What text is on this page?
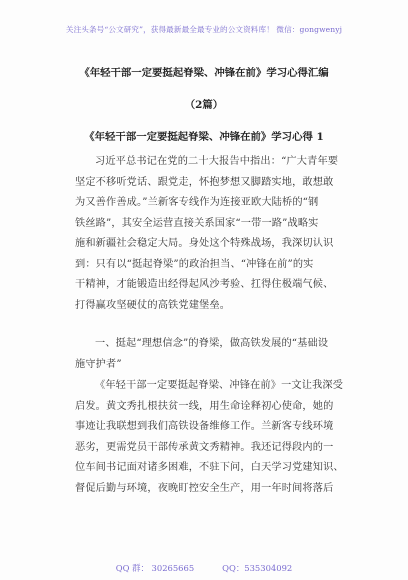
关注头条号“公文研究”，获得最新最全最专业的公文资料库！ 微信：gongwenyj
《年轻干部一定要挺起脊梁、冲锋在前》学习心得汇编
（2篇）
《年轻干部一定要挺起脊梁、冲锋在前》学习心得 1
习近平总书记在党的二十大报告中指出：“广大青年要
坚定不移听党话、跟党走，怀抱梦想又脚踏实地，敢想敢
为又善作善成。”兰新客专线作为连接亚欧大陆桥的“钢
铁丝路”，其安全运营直接关系国家“一带一路”战略实
施和新疆社会稳定大局。身处这个特殊战场，我深切认识
到：只有以“挺起脊梁”的政治担当、“冲锋在前”的实
干精神，才能锻造出经得起风沙考验、扛得住极端气候、
打得赢攻坚硬仗的高铁党建堡垒。
一、挺起“理想信念”的脊梁，做高铁发展的“基础设
施守护者”
《年轻干部一定要挺起脊梁、冲锋在前》一文让我深受
启发。黄文秀扎根扶贫一线，用生命诠释初心使命，她的
事迹让我联想到我们高铁设备维修工作。兰新客专线环境
恶劣，更需党员干部传承黄文秀精神。我还记得段内的一
位车间书记面对诸多困难，不驻下问，白天学习党建知识、
督促后勤与环境，夜晚盯控安全生产，用一年时间将落后
QQ 群： 30265665	QQ：535304092
